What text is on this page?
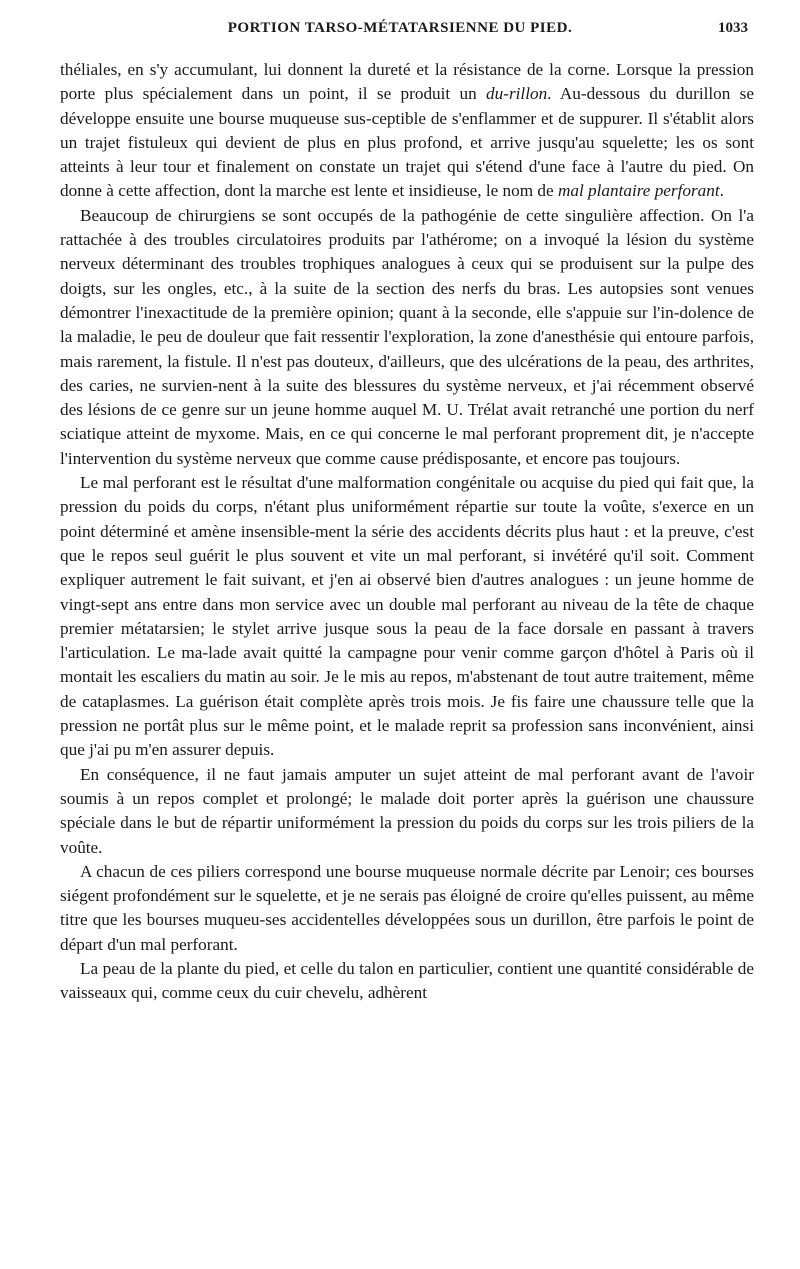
PORTION TARSO-MÉTATARSIENNE DU PIED.	1033

théliales, en s'y accumulant, lui donnent la dureté et la résistance de la corne. Lorsque la pression porte plus spécialement dans un point, il se produit un du-rillon. Au-dessous du durillon se développe ensuite une bourse muqueuse sus-ceptible de s'enflammer et de suppurer. Il s'établit alors un trajet fistuleux qui devient de plus en plus profond, et arrive jusqu'au squelette; les os sont atteints à leur tour et finalement on constate un trajet qui s'étend d'une face à l'autre du pied. On donne à cette affection, dont la marche est lente et insidieuse, le nom de mal plantaire perforant.

Beaucoup de chirurgiens se sont occupés de la pathogénie de cette singulière affection. On l'a rattachée à des troubles circulatoires produits par l'athérome; on a invoqué la lésion du système nerveux déterminant des troubles trophiques analogues à ceux qui se produisent sur la pulpe des doigts, sur les ongles, etc., à la suite de la section des nerfs du bras. Les autopsies sont venues démontrer l'inexactitude de la première opinion; quant à la seconde, elle s'appuie sur l'in-dolence de la maladie, le peu de douleur que fait ressentir l'exploration, la zone d'anesthésie qui entoure parfois, mais rarement, la fistule. Il n'est pas douteux, d'ailleurs, que des ulcérations de la peau, des arthrites, des caries, ne survien-nent à la suite des blessures du système nerveux, et j'ai récemment observé des lésions de ce genre sur un jeune homme auquel M. U. Trélat avait retranché une portion du nerf sciatique atteint de myxome. Mais, en ce qui concerne le mal perforant proprement dit, je n'accepte l'intervention du système nerveux que comme cause prédisposante, et encore pas toujours.

Le mal perforant est le résultat d'une malformation congénitale ou acquise du pied qui fait que, la pression du poids du corps, n'étant plus uniformément répartie sur toute la voûte, s'exerce en un point déterminé et amène insensible-ment la série des accidents décrits plus haut : et la preuve, c'est que le repos seul guérit le plus souvent et vite un mal perforant, si invétéré qu'il soit. Comment expliquer autrement le fait suivant, et j'en ai observé bien d'autres analogues : un jeune homme de vingt-sept ans entre dans mon service avec un double mal perforant au niveau de la tête de chaque premier métatarsien; le stylet arrive jusque sous la peau de la face dorsale en passant à travers l'articulation. Le ma-lade avait quitté la campagne pour venir comme garçon d'hôtel à Paris où il montait les escaliers du matin au soir. Je le mis au repos, m'abstenant de tout autre traitement, même de cataplasmes. La guérison était complète après trois mois. Je fis faire une chaussure telle que la pression ne portât plus sur le même point, et le malade reprit sa profession sans inconvénient, ainsi que j'ai pu m'en assurer depuis.

En conséquence, il ne faut jamais amputer un sujet atteint de mal perforant avant de l'avoir soumis à un repos complet et prolongé; le malade doit porter après la guérison une chaussure spéciale dans le but de répartir uniformément la pression du poids du corps sur les trois piliers de la voûte.

A chacun de ces piliers correspond une bourse muqueuse normale décrite par Lenoir; ces bourses siégent profondément sur le squelette, et je ne serais pas éloigné de croire qu'elles puissent, au même titre que les bourses muqueu-ses accidentelles développées sous un durillon, être parfois le point de départ d'un mal perforant.

La peau de la plante du pied, et celle du talon en particulier, contient une quantité considérable de vaisseaux qui, comme ceux du cuir chevelu, adhèrent
